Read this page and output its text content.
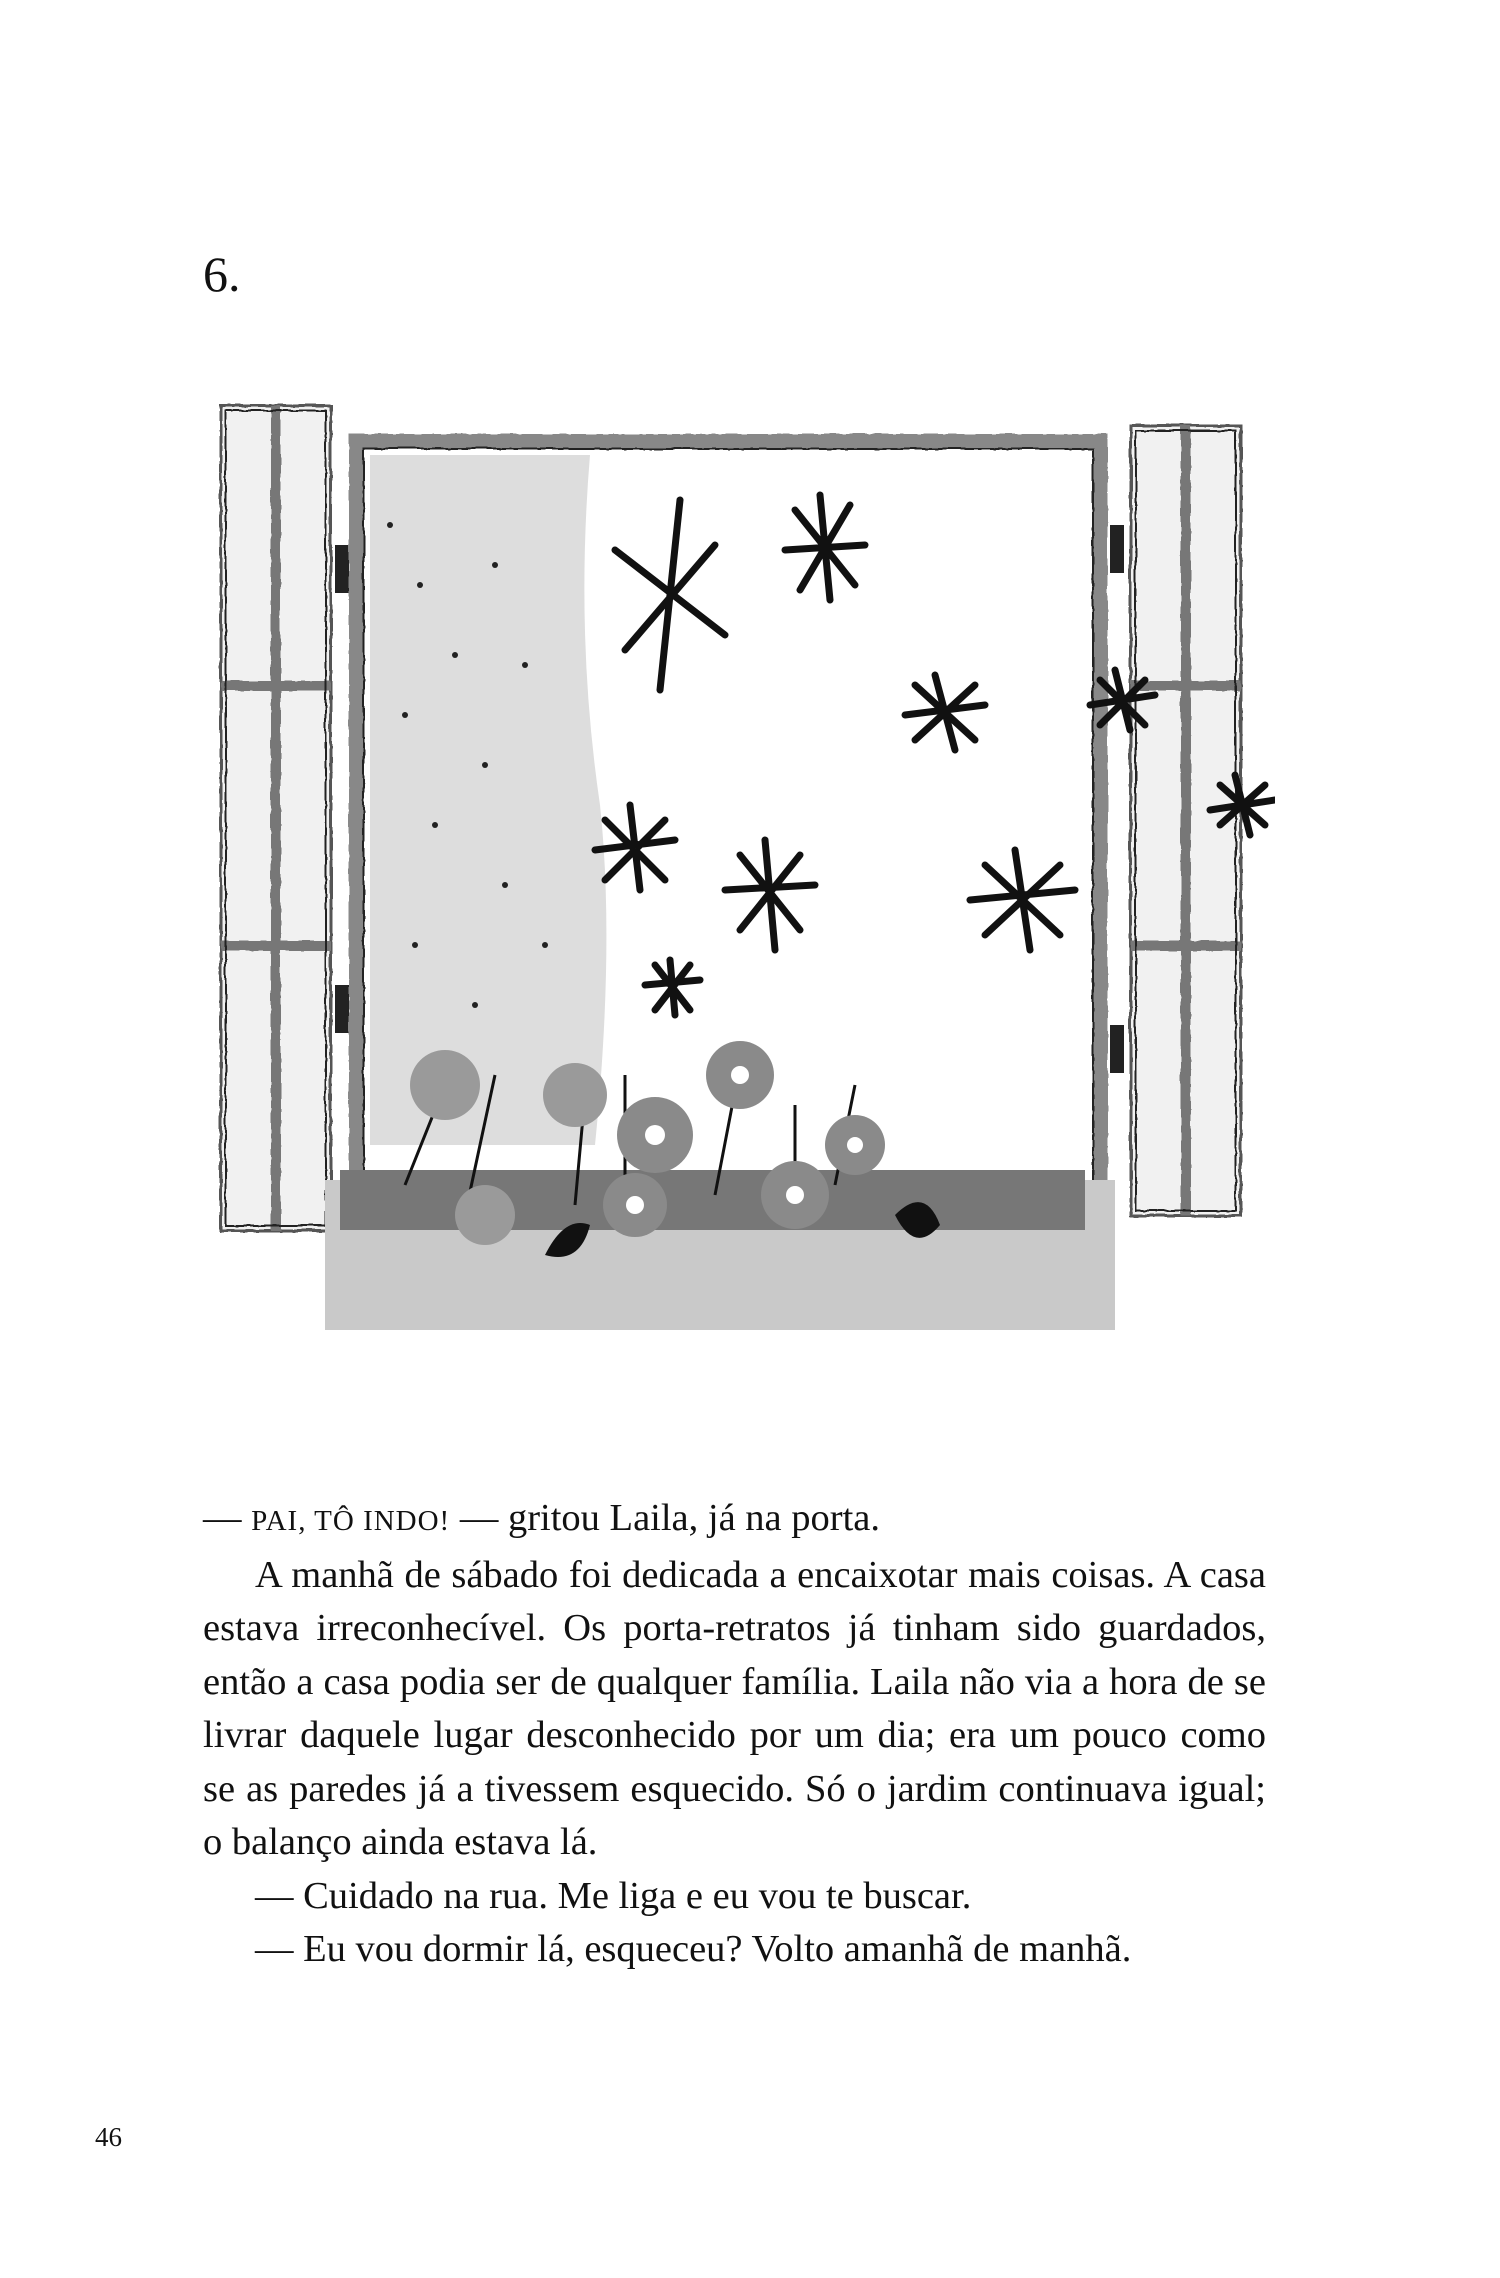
6.

— PAI, TÔ INDO! — gritou Laila, já na porta.

A manhã de sábado foi dedicada a encaixotar mais coisas. A casa estava irreconhecível. Os porta-retratos já tinham sido guardados, então a casa podia ser de qualquer família. Laila não via a hora de se livrar daquele lugar desconhecido por um dia; era um pouco como se as paredes já a tivessem esquecido. Só o jardim continuava igual; o balanço ainda estava lá.

— Cuidado na rua. Me liga e eu vou te buscar.

— Eu vou dormir lá, esqueceu? Volto amanhã de manhã.

46
